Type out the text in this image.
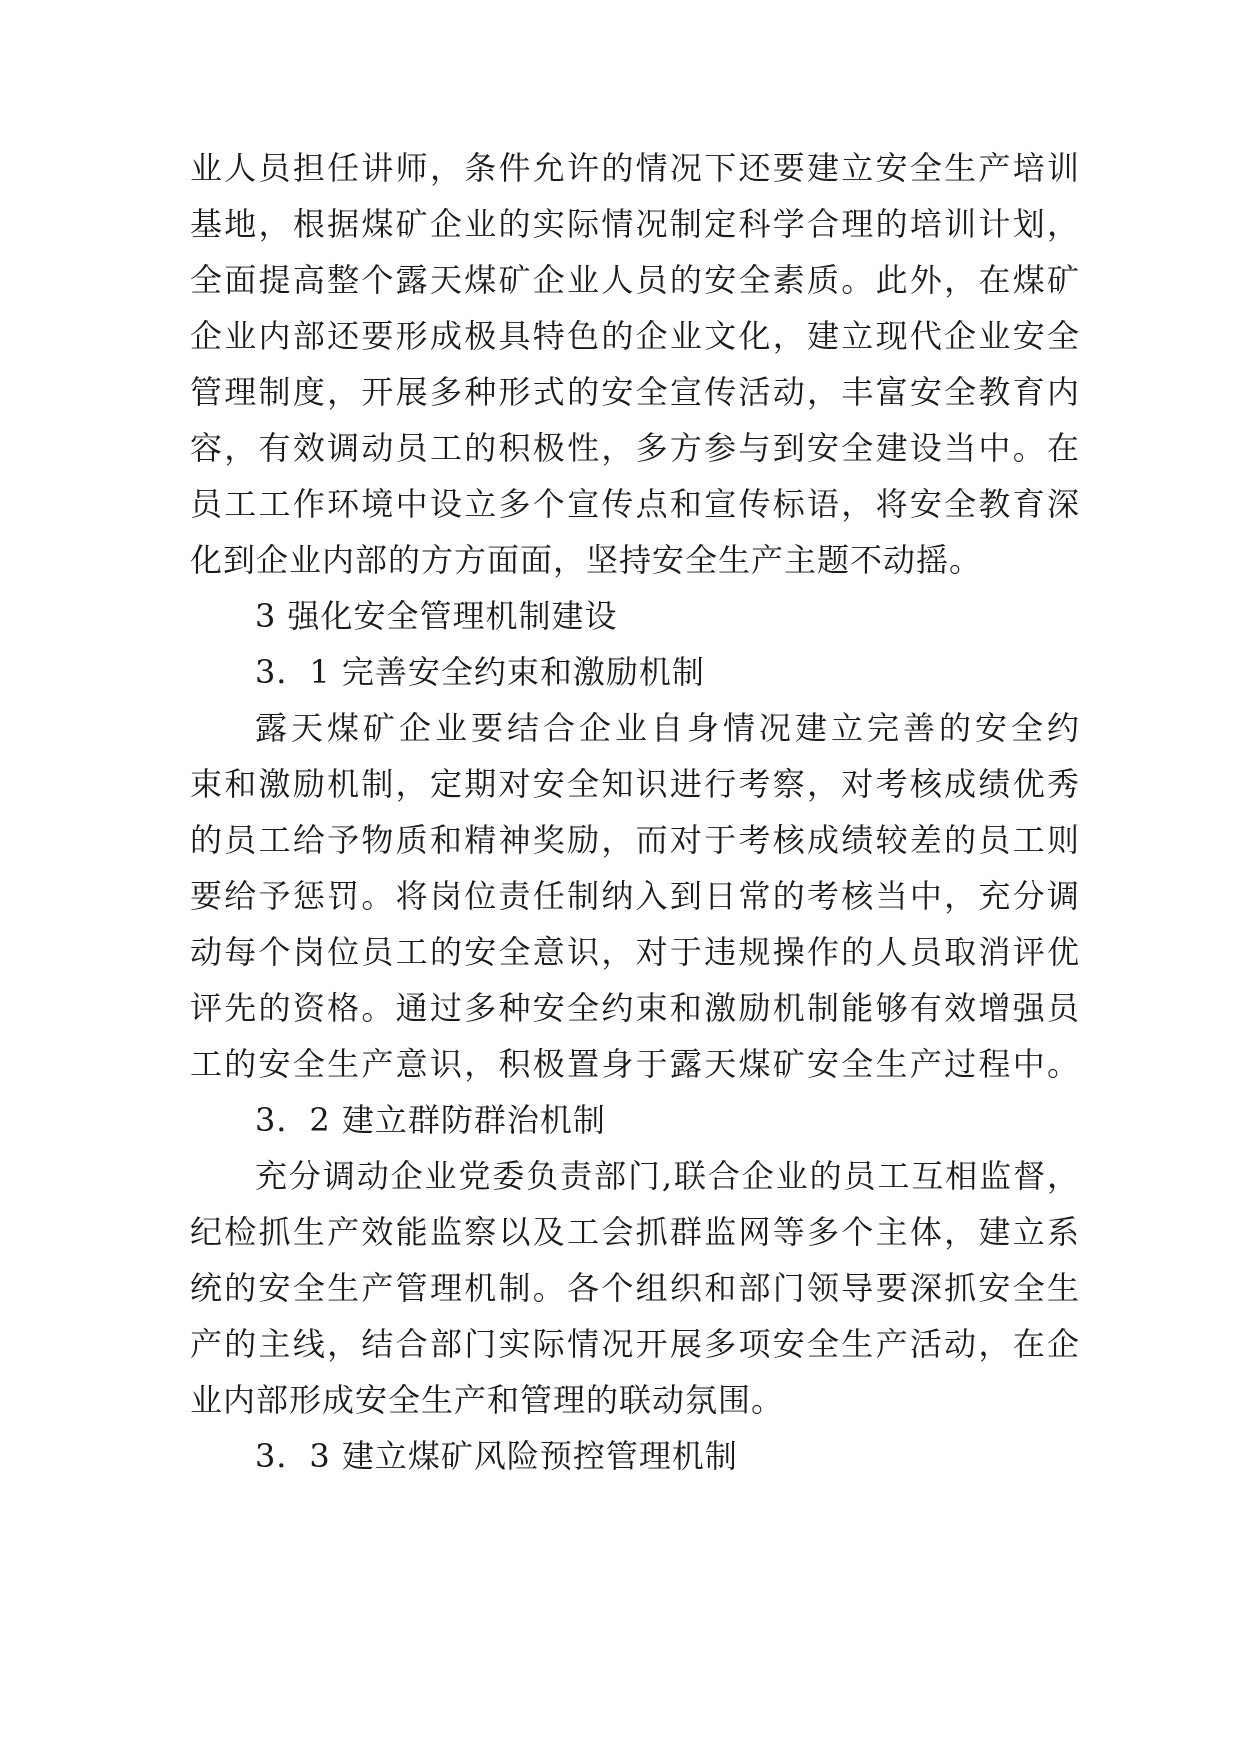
业人员担任讲师，条件允许的情况下还要建立安全生产培训
基地，根据煤矿企业的实际情况制定科学合理的培训计划，
全面提高整个露天煤矿企业人员的安全素质。此外，在煤矿
企业内部还要形成极具特色的企业文化，建立现代企业安全
管理制度，开展多种形式的安全宣传活动，丰富安全教育内
容，有效调动员工的积极性，多方参与到安全建设当中。在
员工工作环境中设立多个宣传点和宣传标语，将安全教育深
化到企业内部的方方面面，坚持安全生产主题不动摇。
3 强化安全管理机制建设
3．1 完善安全约束和激励机制
露天煤矿企业要结合企业自身情况建立完善的安全约
束和激励机制，定期对安全知识进行考察，对考核成绩优秀
的员工给予物质和精神奖励，而对于考核成绩较差的员工则
要给予惩罚。将岗位责任制纳入到日常的考核当中，充分调
动每个岗位员工的安全意识，对于违规操作的人员取消评优
评先的资格。通过多种安全约束和激励机制能够有效增强员
工的安全生产意识，积极置身于露天煤矿安全生产过程中。
3．2 建立群防群治机制
充分调动企业党委负责部门,联合企业的员工互相监督，
纪检抓生产效能监察以及工会抓群监网等多个主体，建立系
统的安全生产管理机制。各个组织和部门领导要深抓安全生
产的主线，结合部门实际情况开展多项安全生产活动，在企
业内部形成安全生产和管理的联动氛围。
3．3 建立煤矿风险预控管理机制
